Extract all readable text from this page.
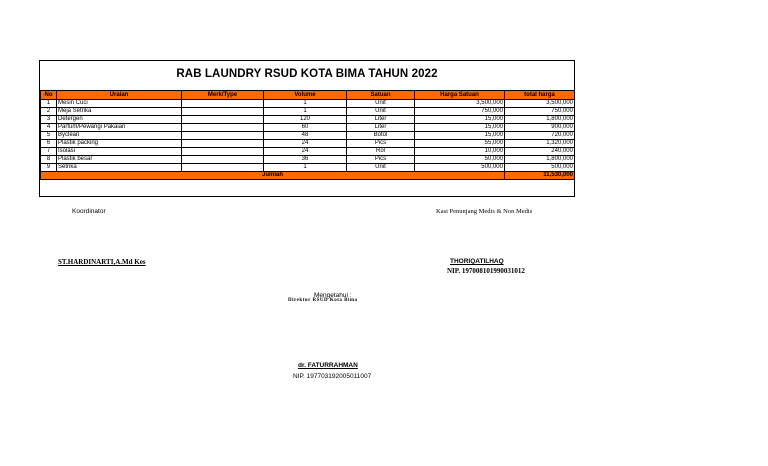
RAB LAUNDRY RSUD KOTA BIMA TAHUN 2022
No	Uraian	Merk/Type	Volume	Satuan	Harga Satuan	total harga
1	Mesin Cuci		1	Unit	3,500,000	3,500,000
2	Meja Setrika		1	Unit	750,000	750,000
3	Detergen		120	Liter	15,000	1,800,000
4	Parfum/Pewangi Pakaian		60	Liter	15,000	900,000
5	Byclean		48	Botol	15,000	720,000
6	Plastik packing		24	Pics	55,000	1,320,000
7	Isolasi		24	Rol	10,000	240,000
8	Plastik besar		36	Pics	50,000	1,800,000
9	Setrika		1	Unit	500,000	500,000
Jumlah						11,530,000
Koordinator
ST.HARDINARTI,A.Md Kes
Kasi Penunjang Medis & Non Medis
THORIQATILHAQ
NIP. 197008101990031012
Mengetahui :
Direktur RSUD Kota Bima
dr. FATURRAHMAN
NIP. 197703192005011007
